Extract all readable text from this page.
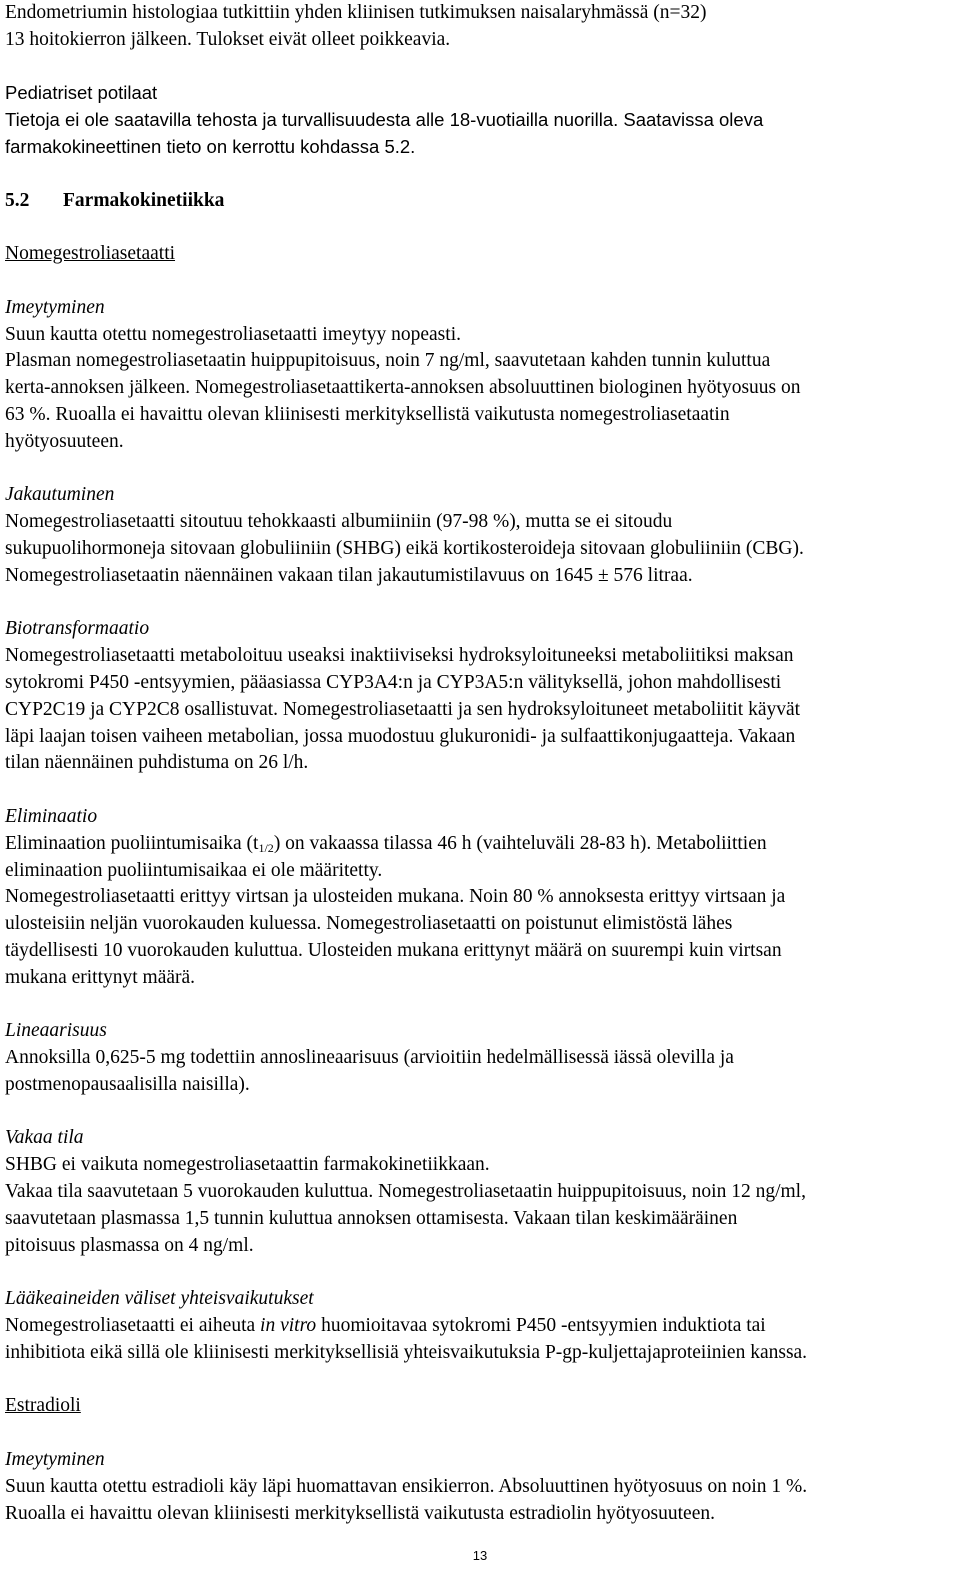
Endometriumin histologiaa tutkittiin yhden kliinisen tutkimuksen naisalaryhmässä (n=32)

13 hoitokierron jälkeen. Tulokset eivät olleet poikkeavia.

Pediatriset potilaat

Tietoja ei ole saatavilla tehosta ja turvallisuudesta alle 18-vuotiailla nuorilla. Saatavissa oleva

farmakokineettinen tieto on kerrottu kohdassa 5.2.

5.2 Farmakokinetiikka

Nomegestroliasetaatti

Imeytyminen

Suun kautta otettu nomegestroliasetaatti imeytyy nopeasti.

Plasman nomegestroliasetaatin huippupitoisuus, noin 7 ng/ml, saavutetaan kahden tunnin kuluttua

kerta-annoksen jälkeen. Nomegestroliasetaattikerta-annoksen absoluuttinen biologinen hyötyosuus on

63 %. Ruoalla ei havaittu olevan kliinisesti merkityksellistä vaikutusta nomegestroliasetaatin

hyötyosuuteen.

Jakautuminen

Nomegestroliasetaatti sitoutuu tehokkaasti albumiiniin (97-98 %), mutta se ei sitoudu

sukupuolihormoneja sitovaan globuliiniin (SHBG) eikä kortikosteroideja sitovaan globuliiniin (CBG).

Nomegestroliasetaatin näennäinen vakaan tilan jakautumistilavuus on 1645 ± 576 litraa.

Biotransformaatio

Nomegestroliasetaatti metaboloituu useaksi inaktiiviseksi hydroksyloituneeksi metaboliitiksi maksan

sytokromi P450 -entsyymien, pääasiassa CYP3A4:n ja CYP3A5:n välityksellä, johon mahdollisesti

CYP2C19 ja CYP2C8 osallistuvat. Nomegestroliasetaatti ja sen hydroksyloituneet metaboliitit käyvät

läpi laajan toisen vaiheen metabolian, jossa muodostuu glukuronidi- ja sulfaattikonjugaatteja. Vakaan

tilan näennäinen puhdistuma on 26 l/h.

Eliminaatio

Eliminaation puoliintumisaika $(t_{1/2})$ on vakaassa tilassa 46 h (vaihteluväli 28-83 h). Metaboliittien

eliminaation puoliintumisaikaa ei ole määritetty.

Nomegestroliasetaatti erittyy virtsan ja ulosteiden mukana. Noin 80 % annoksesta erittyy virtsaan ja

ulosteisiin neljän vuorokauden kuluessa. Nomegestroliasetaatti on poistunut elimistöstä lähes

täydellisesti 10 vuorokauden kuluttua. Ulosteiden mukana erittynyt määrä on suurempi kuin virtsan

mukana erittynyt määrä.

Lineaarisuus

Annoksilla 0,625-5 mg todettiin annoslineaarisuus (arvioitiin hedelmällisessä iässä olevilla ja

postmenopausaalisilla naisilla).

Vakaa tila

SHBG ei vaikuta nomegestroliasetaattin farmakokinetiikkaan.

Vakaa tila saavutetaan 5 vuorokauden kuluttua. Nomegestroliasetaatin huippupitoisuus, noin 12 ng/ml,

saavutetaan plasmassa 1,5 tunnin kuluttua annoksen ottamisesta. Vakaan tilan keskimääräinen

pitoisuus plasmassa on 4 ng/ml.

Lääkeaineiden väliset yhteisvaikutukset

Nomegestroliasetaatti ei aiheuta in vitro huomioitavaa sytokromi P450 -entsyymien induktiota tai

inhibitiota eikä sillä ole kliinisesti merkityksellisiä yhteisvaikutuksia P-gp-kuljettajaproteiinien kanssa.

Estradioli

Imeytyminen

Suun kautta otettu estradioli käy läpi huomattavan ensikierron. Absoluuttinen hyötyosuus on noin 1 %.

Ruoalla ei havaittu olevan kliinisesti merkityksellistä vaikutusta estradiolin hyötyosuuteen.

13
